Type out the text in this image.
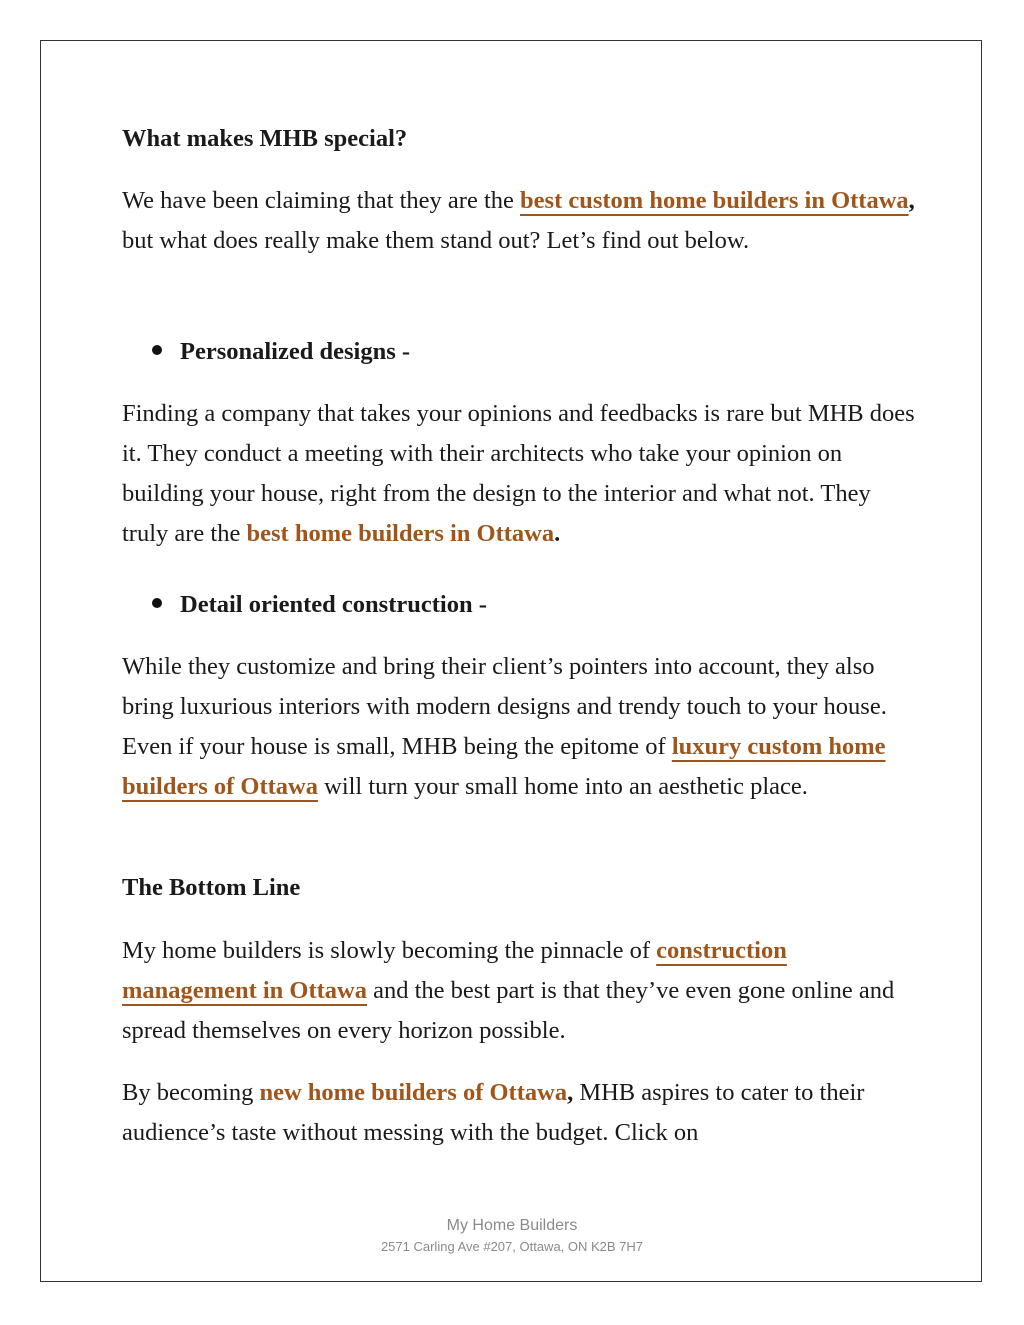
What makes MHB special?

We have been claiming that they are the best custom home builders in Ottawa, but what does really make them stand out? Let’s find out below.

Personalized designs -

Finding a company that takes your opinions and feedbacks is rare but MHB does it. They conduct a meeting with their architects who take your opinion on building your house, right from the design to the interior and what not. They truly are the best home builders in Ottawa.

Detail oriented construction -

While they customize and bring their client’s pointers into account, they also bring luxurious interiors with modern designs and trendy touch to your house. Even if your house is small, MHB being the epitome of luxury custom home builders of Ottawa will turn your small home into an aesthetic place.

The Bottom Line

My home builders is slowly becoming the pinnacle of construction management in Ottawa and the best part is that they’ve even gone online and spread themselves on every horizon possible.

By becoming new home builders of Ottawa, MHB aspires to cater to their audience’s taste without messing with the budget. Click on

My Home Builders
2571 Carling Ave #207, Ottawa, ON K2B 7H7
